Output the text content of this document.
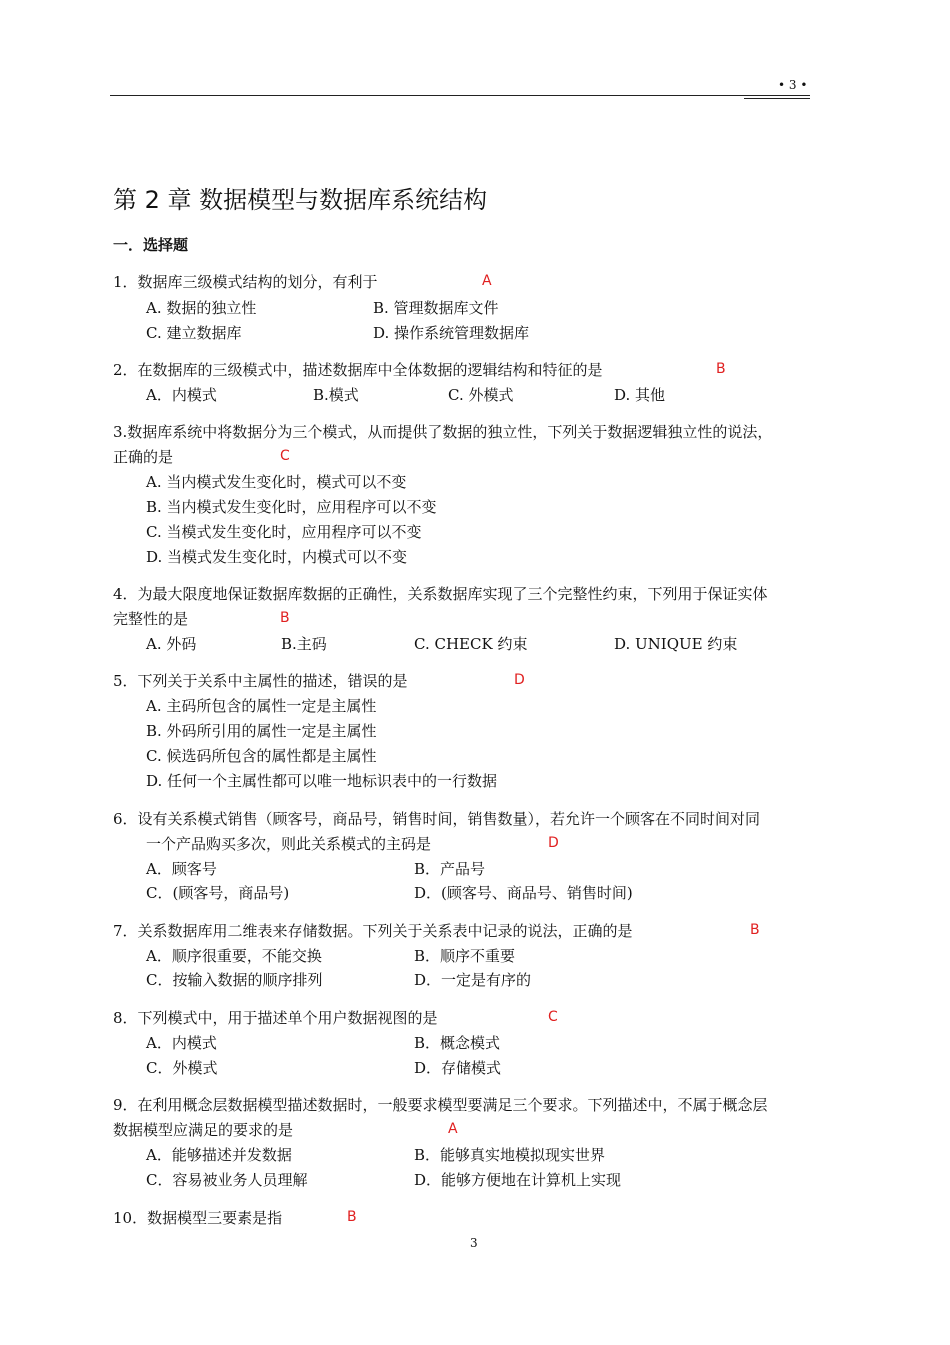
• 3 •
第 2 章 数据模型与数据库系统结构
一．选择题
1．数据库三级模式结构的划分，有利于	A
A. 数据的独立性	B. 管理数据库文件
C. 建立数据库	D. 操作系统管理数据库
2．在数据库的三级模式中，描述数据库中全体数据的逻辑结构和特征的是	B
A．内模式	B.模式	C. 外模式	D. 其他
3.数据库系统中将数据分为三个模式，从而提供了数据的独立性，下列关于数据逻辑独立性的说法，
正确的是	C
A. 当内模式发生变化时，模式可以不变
B. 当内模式发生变化时，应用程序可以不变
C. 当模式发生变化时，应用程序可以不变
D. 当模式发生变化时，内模式可以不变
4．为最大限度地保证数据库数据的正确性，关系数据库实现了三个完整性约束，下列用于保证实体
完整性的是	B
A. 外码	B.主码	C. CHECK 约束	D. UNIQUE 约束
5．下列关于关系中主属性的描述，错误的是	D
A. 主码所包含的属性一定是主属性
B. 外码所引用的属性一定是主属性
C. 候选码所包含的属性都是主属性
D. 任何一个主属性都可以唯一地标识表中的一行数据
6．设有关系模式销售（顾客号，商品号，销售时间，销售数量），若允许一个顾客在不同时间对同
一个产品购买多次，则此关系模式的主码是	D
A．顾客号	B．产品号
C．(顾客号，商品号)	D．(顾客号、商品号、销售时间)
7．关系数据库用二维表来存储数据。下列关于关系表中记录的说法，正确的是	B
A．顺序很重要，不能交换	B．顺序不重要
C．按输入数据的顺序排列	D．一定是有序的
8．下列模式中，用于描述单个用户数据视图的是	C
A．内模式	B．概念模式
C．外模式	D．存储模式
9．在利用概念层数据模型描述数据时，一般要求模型要满足三个要求。下列描述中，不属于概念层
数据模型应满足的要求的是	A
A．能够描述并发数据	B．能够真实地模拟现实世界
C．容易被业务人员理解	D．能够方便地在计算机上实现
10．数据模型三要素是指	B
3
